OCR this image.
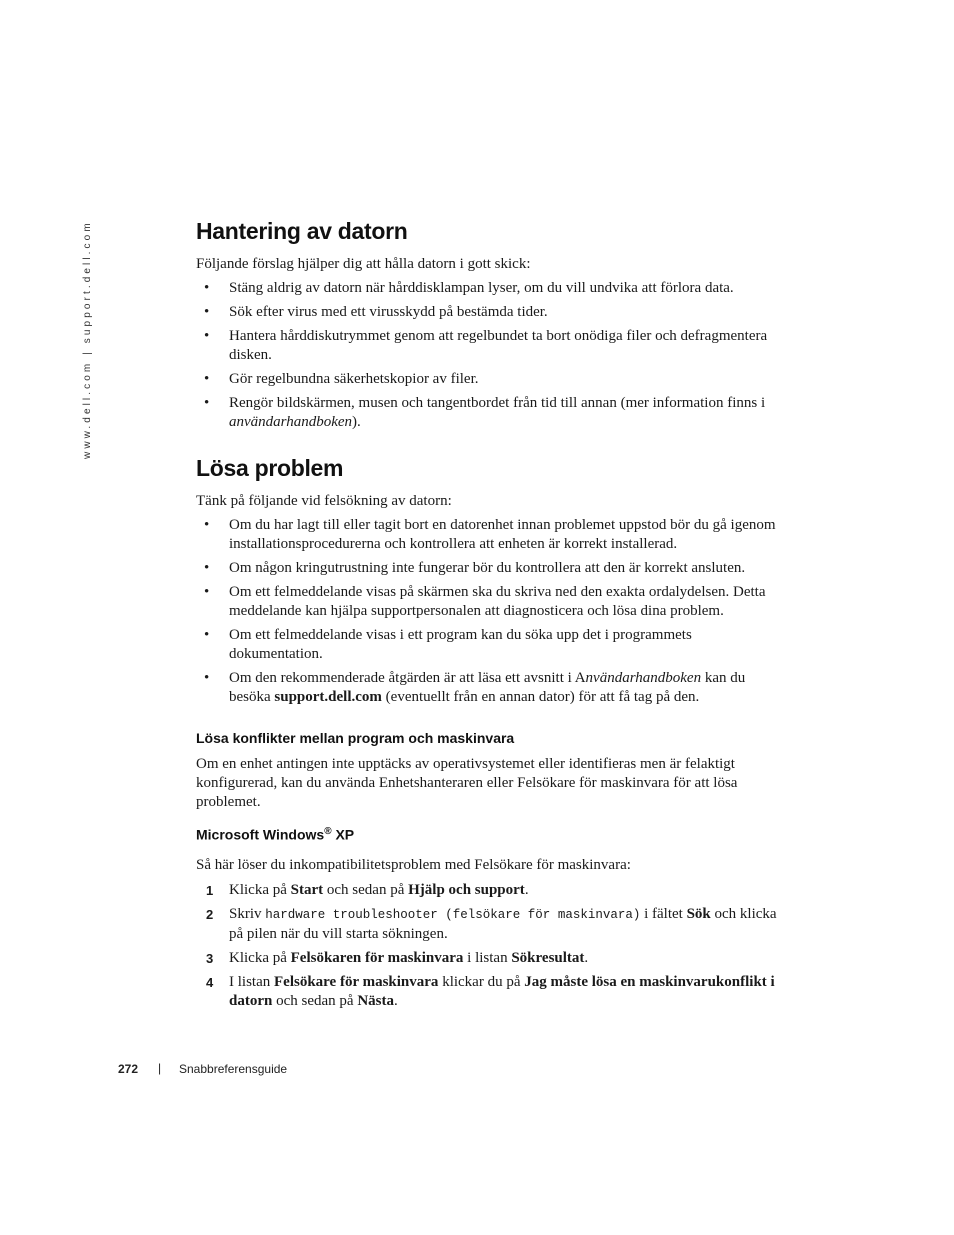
www.dell.com | support.dell.com	Hantering av datorn

Följande förslag hjälper dig att hålla datorn i gott skick:

• Stäng aldrig av datorn när hårddisklampan lyser, om du vill undvika att förlora data.
• Sök efter virus med ett virusskydd på bestämda tider.
• Hantera hårddiskutrymmet genom att regelbundet ta bort onödiga filer och defragmentera disken.
• Gör regelbundna säkerhetskopior av filer.
• Rengör bildskärmen, musen och tangentbordet från tid till annan (mer information finns i användarhandboken).
Lösa problem

Tänk på följande vid felsökning av datorn:

• Om du har lagt till eller tagit bort en datorenhet innan problemet uppstod bör du gå igenom installationsprocedurerna och kontrollera att enheten är korrekt installerad.
• Om någon kringutrustning inte fungerar bör du kontrollera att den är korrekt ansluten.
• Om ett felmeddelande visas på skärmen ska du skriva ned den exakta ordalydelsen. Detta meddelande kan hjälpa supportpersonalen att diagnosticera och lösa dina problem.
• Om ett felmeddelande visas i ett program kan du söka upp det i programmets dokumentation.
• Om den rekommenderade åtgärden är att läsa ett avsnitt i Användarhandboken kan du besöka support.dell.com (eventuellt från en annan dator) för att få tag på den.
Lösa konflikter mellan program och maskinvara

Om en enhet antingen inte upptäcks av operativsystemet eller identifieras men är felaktigt konfigurerad, kan du använda Enhetshanteraren eller Felsökare för maskinvara för att lösa problemet.

Microsoft Windows® XP

Så här löser du inkompatibilitetsproblem med Felsökare för maskinvara:

1 Klicka på Start och sedan på Hjälp och support.
2 Skriv hardware troubleshooter (felsökare för maskinvara) i fältet Sök och klicka på pilen när du vill starta sökningen.
3 Klicka på Felsökaren för maskinvara i listan Sökresultat.
4 I listan Felsökare för maskinvara klickar du på Jag måste lösa en maskinvarukonflikt i datorn och sedan på Nästa.
272 | Snabbreferensguide
